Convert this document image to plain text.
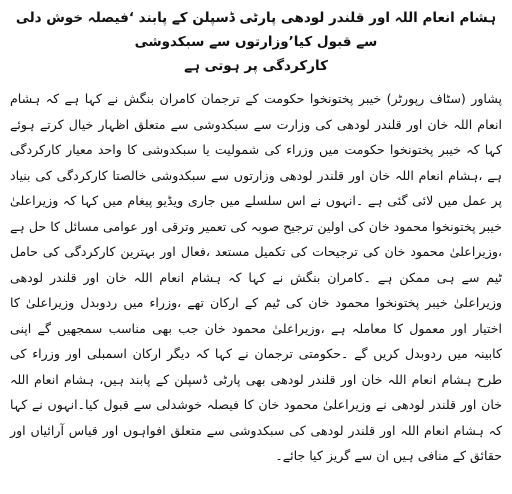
ہشام انعام اللہ اور قلندر لودھی پارٹی ڈسپلن کے پابند ‘فیصلہ خوش دلی سے قبول کیا’وزارتوں سے سبکدوشی
کارکردگی پر ہوتی ہے

پشاور (سٹاف رپورٹر) خیبر پختونخوا حکومت کے ترجمان کامران بنگش نے کہا ہے کہ ہشام انعام اللہ خان اور قلندر لودھی کی وزارت سے سبکدوشی سے متعلق اظہار خیال کرتے ہوئے کہا کہ خیبر پختونخوا حکومت میں وزراء کی شمولیت یا سبکدوشی کا واحد معیار کارکردگی ہے ،ہشام انعام اللہ خان اور قلندر لودھی وزارتوں سے سبکدوشی خالصتا کارکردگی کی بنیاد پر عمل میں لائی گئی ہے ۔انہوں نے اس سلسلے میں جاری ویڈیو پیغام میں کہا کہ وزیراعلیٰ خیبر پختونخوا محمود خان کی اولین ترجیح صوبہ کی تعمیر وترقی اور عوامی مسائل کا حل ہے ،وزیراعلیٰ محمود خان کی ترجیحات کی تکمیل مستعد ،فعال اور بہترین کارکردگی کی حامل ٹیم سے ہی ممکن ہے ۔کامران بنگش نے کہا کہ ہشام انعام اللہ خان اور قلندر لودھی وزیراعلیٰ خیبر پختونخوا محمود خان کی ٹیم کے ارکان تھے ،وزراء میں ردوبدل وزیراعلیٰ کا اختیار اور معمول کا معاملہ ہے ،وزیراعلیٰ محمود خان جب بھی مناسب سمجھیں گے اپنی کابینہ میں ردوبدل کریں گے ۔حکومتی ترجمان نے کہا کہ دیگر ارکان اسمبلی اور وزراء کی طرح ہشام انعام اللہ خان اور قلندر لودھی بھی پارٹی ڈسپلن کے پابند ہیں، ہشام انعام اللہ خان اور قلندر لودھی نے وزیراعلیٰ محمود خان کا فیصلہ خوشدلی سے قبول کیا۔انہوں نے کہا کہ ہشام انعام اللہ اور قلندر لودھی کی سبکدوشی سے متعلق افواہوں اور قیاس آرائیاں اور حقائق کے منافی ہیں ان سے گریز کیا جائے۔
